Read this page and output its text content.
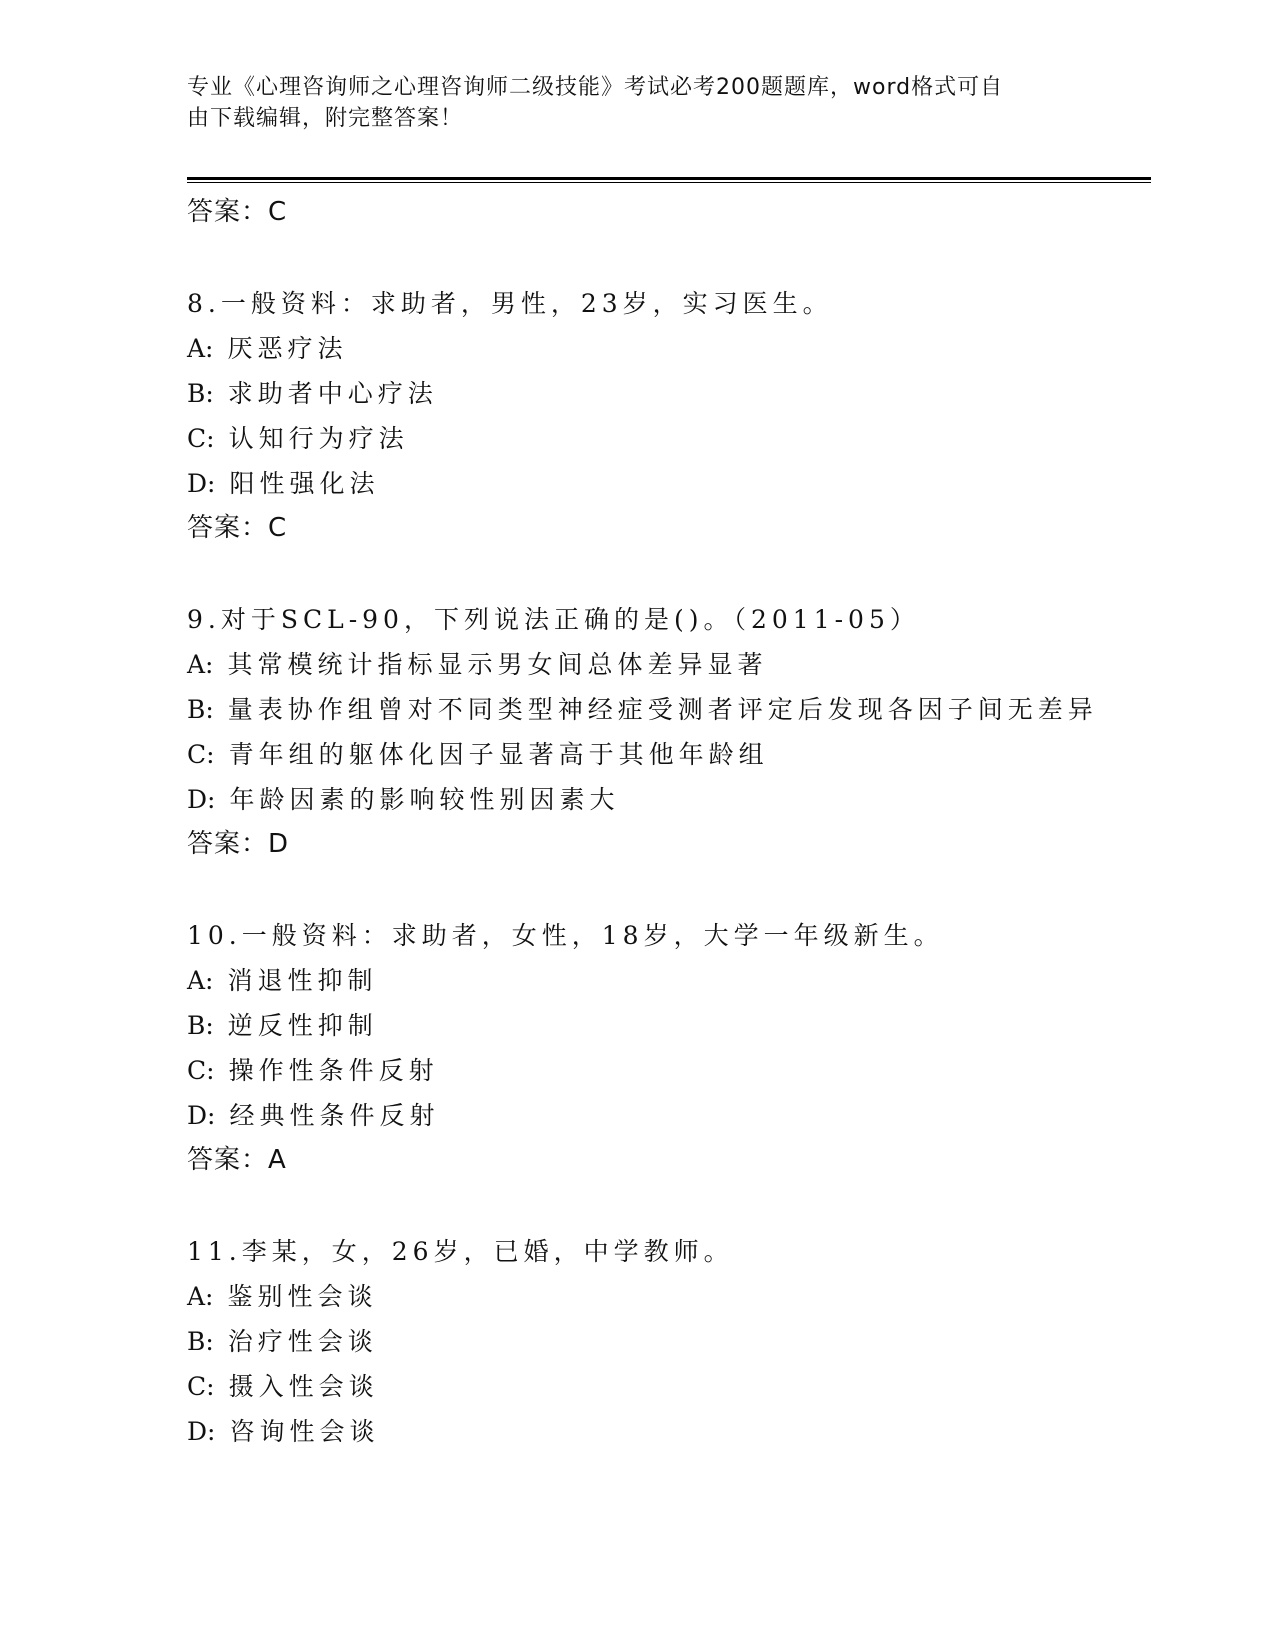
专业《心理咨询师之心理咨询师二级技能》考试必考200题题库，word格式可自
由下载编辑，附完整答案！
答案：C
8.一般资料：求助者，男性，23岁，实习医生。
A: 厌恶疗法
B: 求助者中心疗法
C: 认知行为疗法
D: 阳性强化法
答案：C
9.对于SCL-90，下列说法正确的是()。（2011-05）
A: 其常模统计指标显示男女间总体差异显著
B: 量表协作组曾对不同类型神经症受测者评定后发现各因子间无差异
C: 青年组的躯体化因子显著高于其他年龄组
D: 年龄因素的影响较性别因素大
答案：D
10.一般资料：求助者，女性，18岁，大学一年级新生。
A: 消退性抑制
B: 逆反性抑制
C: 操作性条件反射
D: 经典性条件反射
答案：A
11.李某，女，26岁，已婚，中学教师。
A: 鉴别性会谈
B: 治疗性会谈
C: 摄入性会谈
D: 咨询性会谈
